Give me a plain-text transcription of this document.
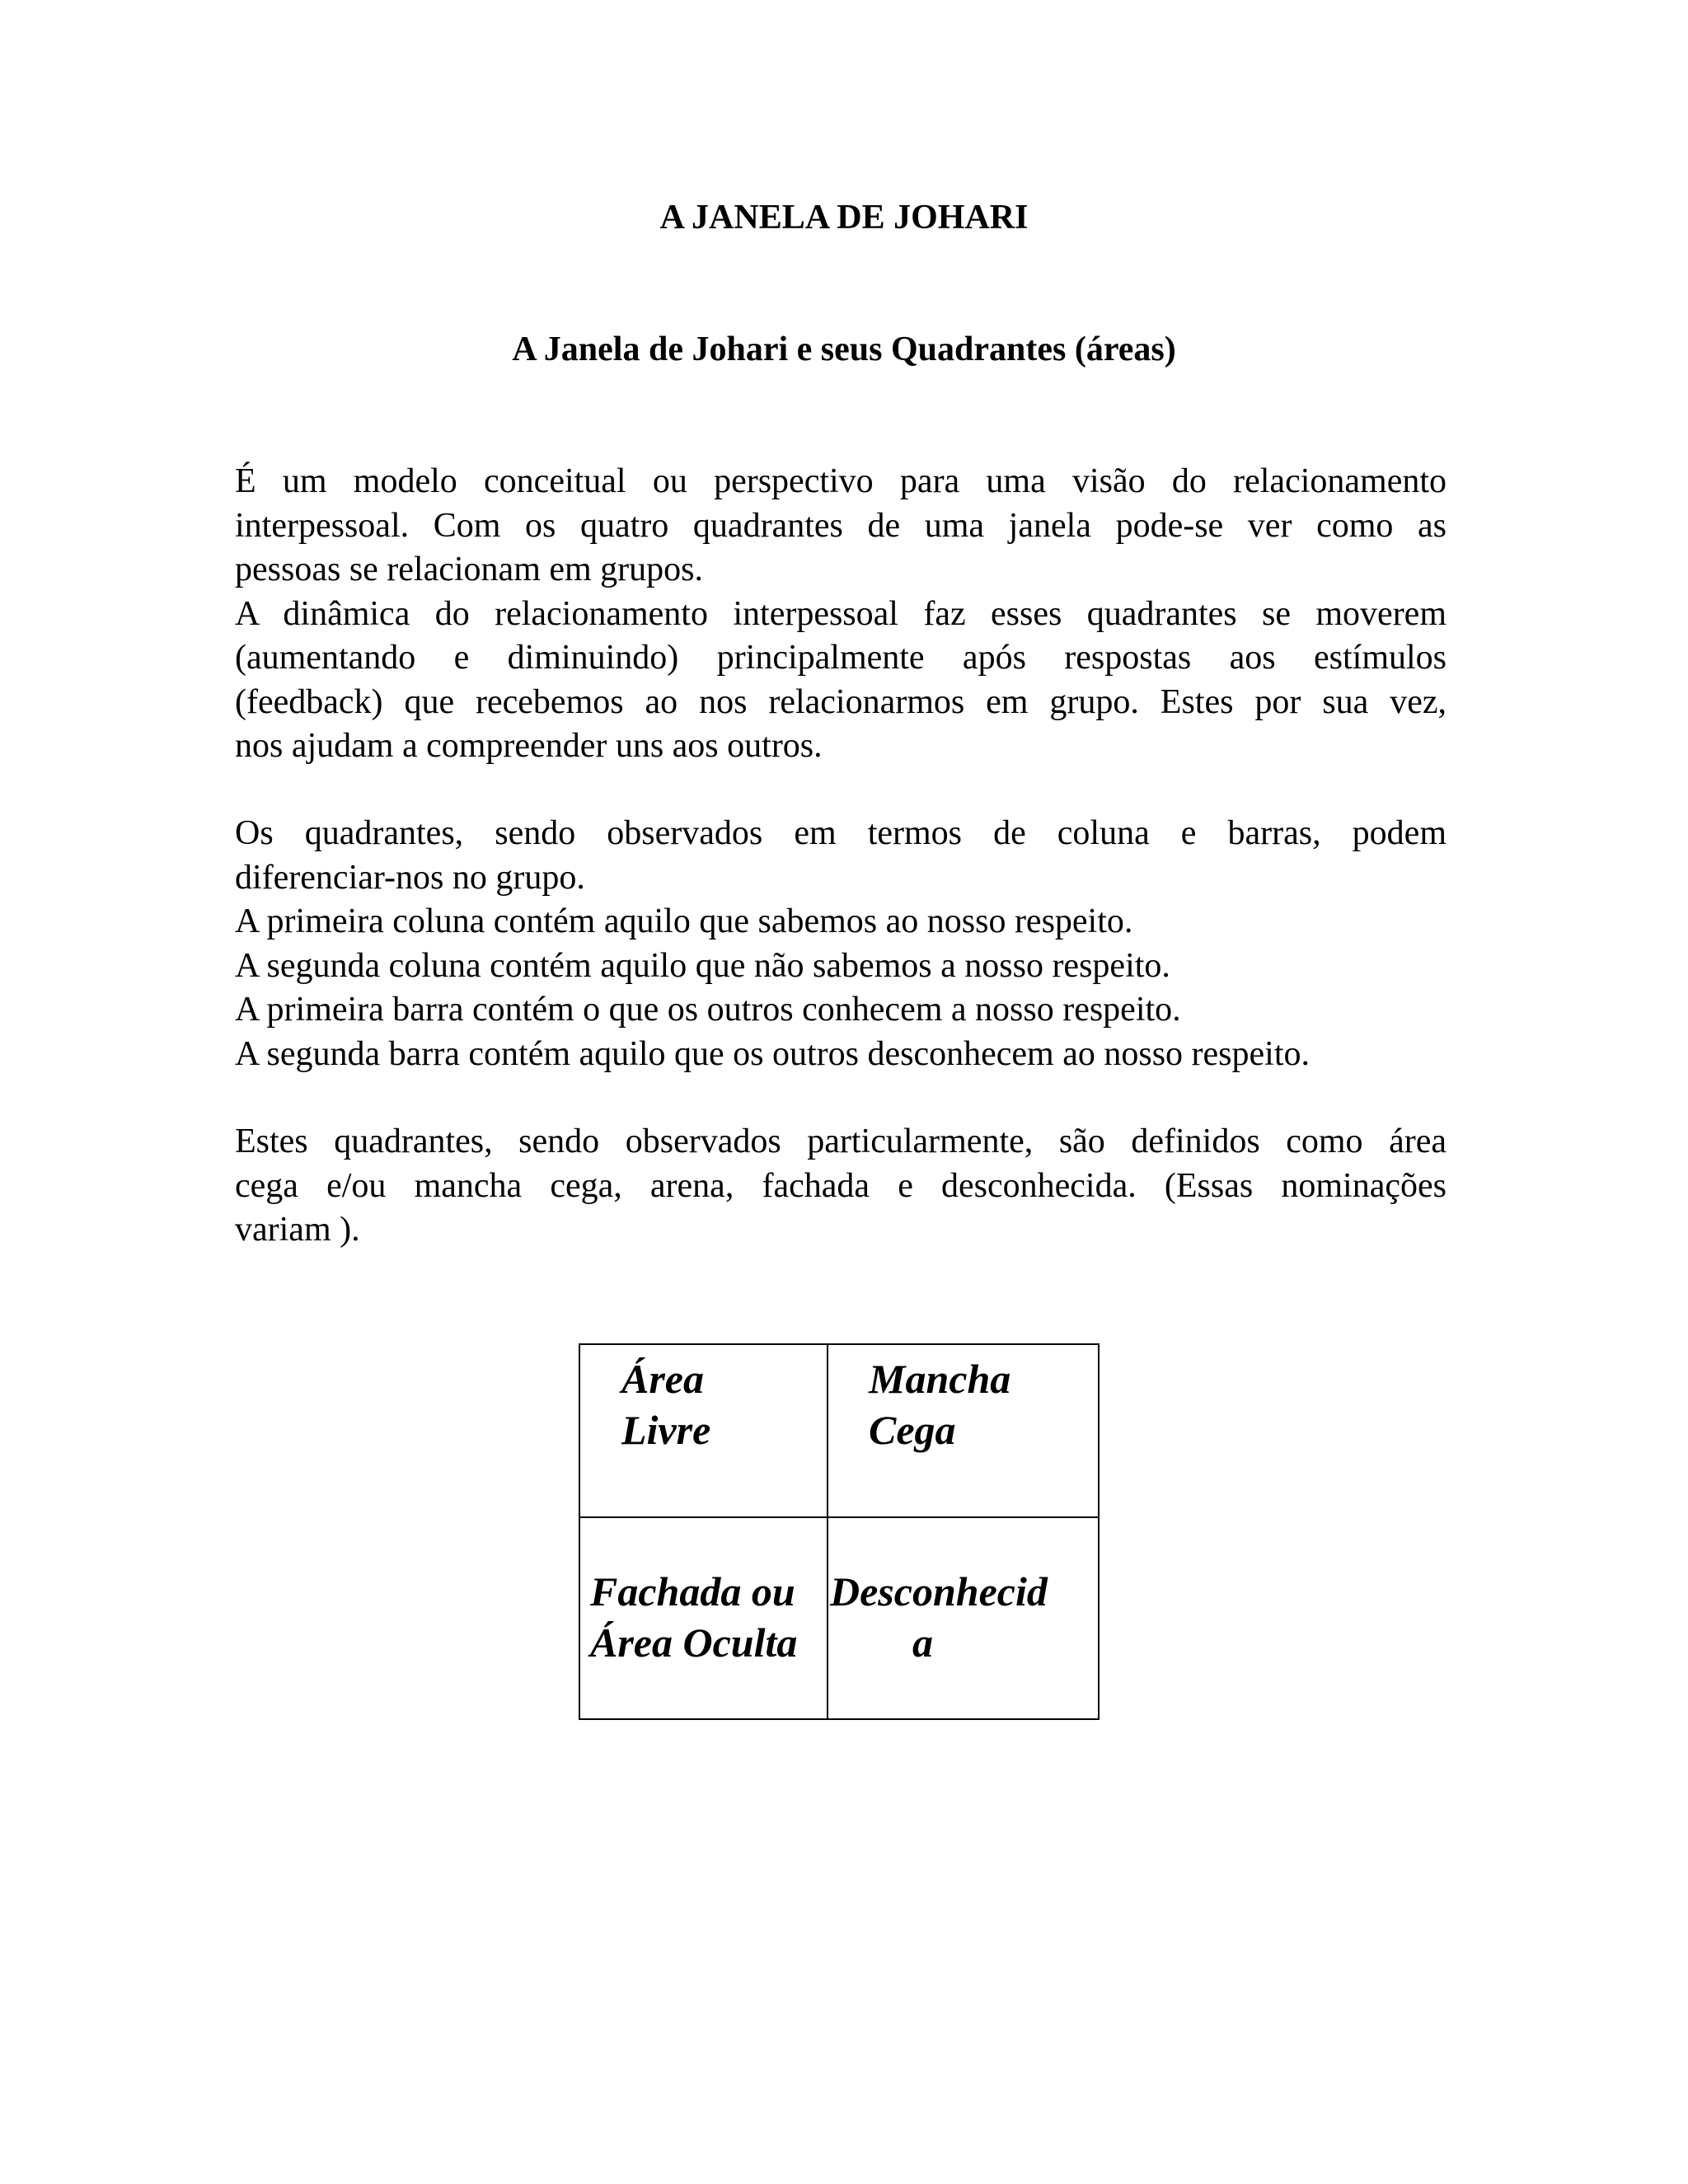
A JANELA DE JOHARI
A Janela de Johari e seus Quadrantes (áreas)
É um modelo conceitual ou perspectivo para uma visão do relacionamento
interpessoal. Com os quatro quadrantes de uma janela pode-se ver como as
pessoas se relacionam em grupos.
A dinâmica do relacionamento interpessoal faz esses quadrantes se moverem
(aumentando e diminuindo) principalmente após respostas aos estímulos
(feedback) que recebemos ao nos relacionarmos em grupo. Estes por sua vez,
nos ajudam a compreender uns aos outros.
Os quadrantes, sendo observados em termos de coluna e barras, podem
diferenciar-nos no grupo.
A primeira coluna contém aquilo que sabemos ao nosso respeito.
A segunda coluna contém aquilo que não sabemos a nosso respeito.
A primeira barra contém o que os outros conhecem a nosso respeito.
A segunda barra contém aquilo que os outros desconhecem ao nosso respeito.
Estes quadrantes, sendo observados particularmente, são definidos como área
cega e/ou mancha cega, arena, fachada e desconhecida. (Essas nominações
variam ).
Área
Livre
Mancha
Cega
Fachada ou
Área Oculta
Desconhecid
a
